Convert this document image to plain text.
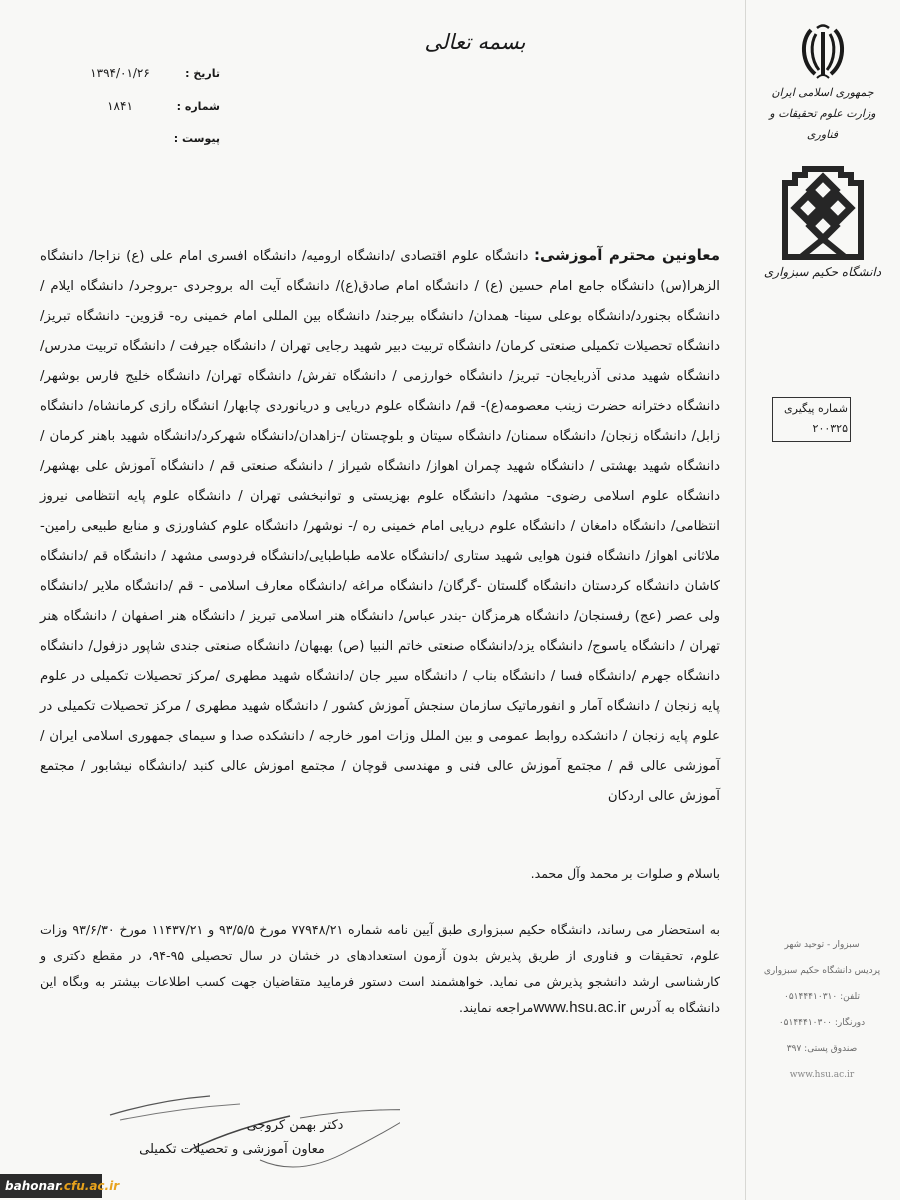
بسمه تعالی
تاریخ :
۱۳۹۴/۰۱/۲۶
شماره :
۱۸۴۱
پیوست :
جمهوری اسلامی ایران
وزارت علوم تحقیقات و فناوری
دانشگاه حکیم سبزواری
شماره پیگیری
۲۰۰۳۲۵
معاونین محترم آموزشی: دانشگاه علوم اقتصادی /دانشگاه ارومیه/ دانشگاه افسری امام علی (ع) نزاجا/ دانشگاه الزهرا(س) دانشگاه جامع امام حسین (ع) / دانشگاه امام صادق(ع)/ دانشگاه آیت اله بروجردی -بروجرد/ دانشگاه ایلام / دانشگاه بجنورد/دانشگاه بوعلی سینا- همدان/ دانشگاه بیرجند/ دانشگاه بین المللی امام خمینی ره- قزوین- دانشگاه تبریز/ دانشگاه تحصیلات تکمیلی صنعتی کرمان/ دانشگاه تربیت دبیر شهید رجایی تهران / دانشگاه جیرفت / دانشگاه تربیت مدرس/دانشگاه شهید مدنی آذربایجان- تبریز/ دانشگاه خوارزمی / دانشگاه تفرش/ دانشگاه تهران/ دانشگاه خلیج فارس بوشهر/ دانشگاه دخترانه حضرت زینب معصومه(ع)- قم/ دانشگاه علوم دریایی و دریانوردی چابهار/ انشگاه رازی کرمانشاه/ دانشگاه زابل/ دانشگاه زنجان/ دانشگاه سمنان/ دانشگاه سیتان و بلوچستان /-زاهدان/دانشگاه شهرکرد/دانشگاه شهید باهنر کرمان / دانشگاه شهید بهشتی / دانشگاه شهید چمران اهواز/ دانشگاه شیراز / دانشگه صنعتی قم / دانشگاه آموزش علی بهشهر/ دانشگاه علوم اسلامی رضوی- مشهد/ دانشگاه علوم بهزیستی و توانبخشی تهران / دانشگاه علوم پایه انتظامی نیروز انتظامی/ دانشگاه دامغان / دانشگاه علوم دریایی امام خمینی ره /- نوشهر/ دانشگاه علوم کشاورزی و منابع طبیعی رامین- ملاثانی اهواز/ دانشگاه فنون هوایی شهید ستاری /دانشگاه علامه طباطبایی/دانشگاه فردوسی مشهد / دانشگاه قم /دانشگاه کاشان دانشگاه کردستان دانشگاه گلستان -گرگان/ دانشگاه مراغه /دانشگاه معارف اسلامی - قم /دانشگاه ملایر /دانشگاه ولی عصر (عج) رفسنجان/ دانشگاه هرمزگان -بندر عباس/ دانشگاه هنر اسلامی تبریز / دانشگاه هنر اصفهان / دانشگاه هنر تهران / دانشگاه یاسوج/ دانشگاه یزد/دانشگاه صنعتی خاتم النبیا (ص) بهبهان/ دانشگاه صنعتی جندی شاپور دزفول/ دانشگاه دانشگاه جهرم /دانشگاه فسا / دانشگاه بناب / دانشگاه سیر جان /دانشگاه شهید مطهری /مرکز تحصیلات تکمیلی در علوم پایه زنجان / دانشگاه آمار و انفورماتیک سازمان سنجش آموزش کشور / دانشگاه شهید مطهری / مرکز تحصیلات تکمیلی در علوم پایه زنجان / دانشکده روابط عمومی و بین الملل وزات امور خارجه / دانشکده صدا و سیمای جمهوری اسلامی ایران / آموزشی عالی قم / مجتمع آموزش عالی فنی و مهندسی قوچان / مجتمع اموزش عالی کنبد /دانشگاه نیشابور / مجتمع آموزش عالی اردکان
باسلام و صلوات بر محمد وآل محمد.
به استحضار می رساند، دانشگاه حکیم سبزواری طبق آیین نامه شماره ۷۷۹۴۸/۲۱ مورخ ۹۳/۵/۵ و ۱۱۴۳۷/۲۱ مورخ ۹۳/۶/۳۰ وزات علوم، تحقیقات و فناوری از طریق پذیرش بدون آزمون استعدادهای در خشان در سال تحصیلی ۹۵-۹۴، در مقطع دکتری و کارشناسی ارشد دانشجو پذیرش می نماید. خواهشمند است دستور فرمایید متقاضیان جهت کسب اطلاعات بیشتر به وبگاه این دانشگاه به آدرس www.hsu.ac.irمراجعه نمایند.
سبزوار - توحید شهر
پردیس دانشگاه حکیم سبزواری
تلفن: ۰۵۱۴۴۴۱۰۳۱۰
دورنگار: ۰۵۱۴۴۴۱۰۳۰۰
صندوق پستی: ۳۹۷
www.hsu.ac.ir
دکتر بهمن کروجی
معاون آموزشی و تحصیلات تکمیلی
bahonar.cfu.ac.ir
